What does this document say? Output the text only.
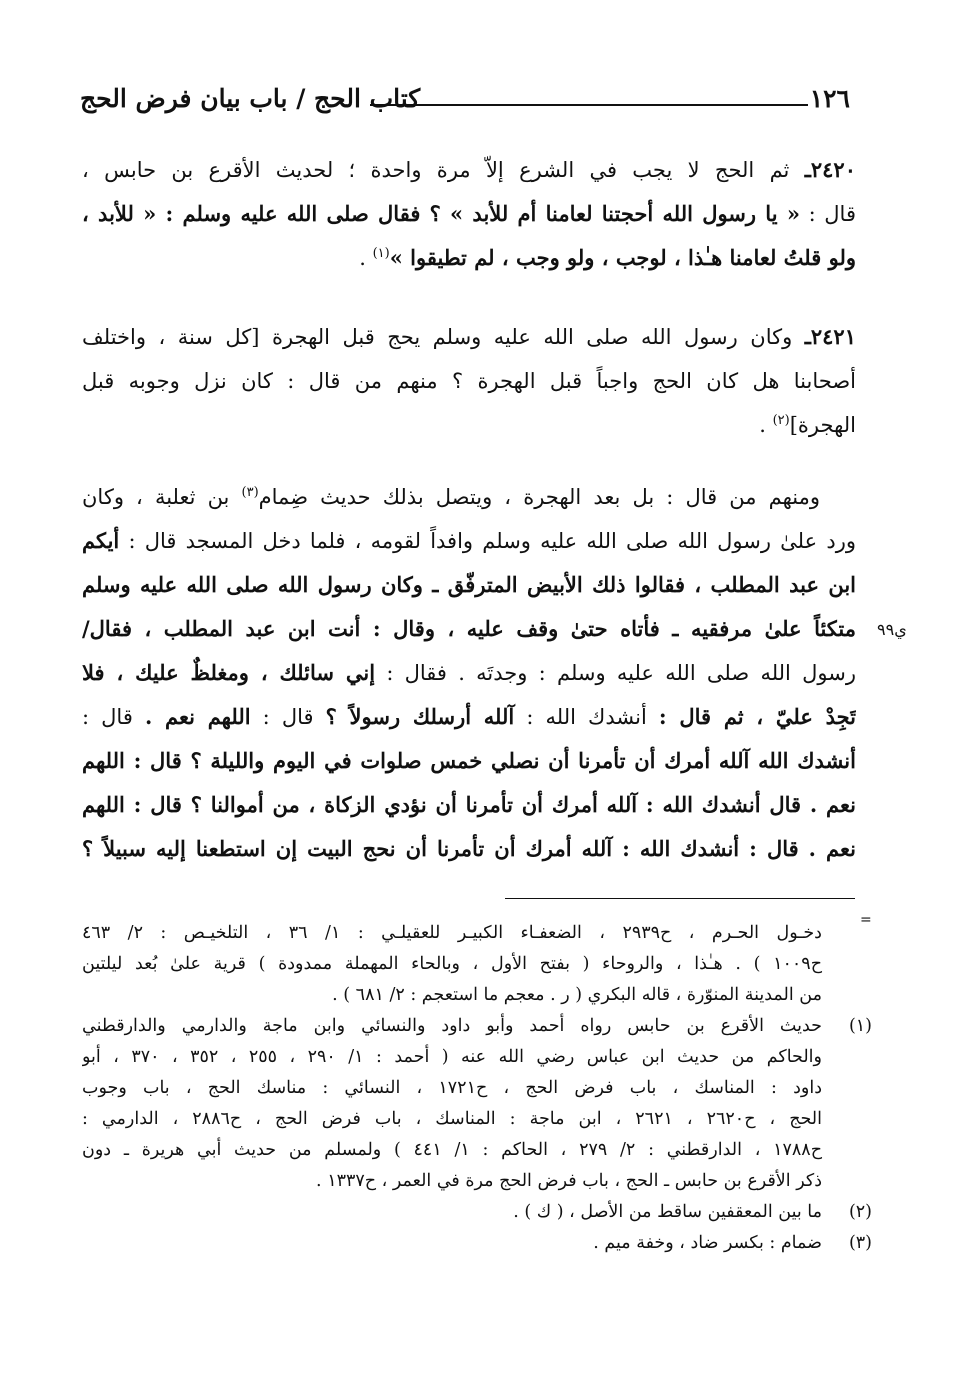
١٢٦
كتاب الحج / باب بيان فرض الحج
٢٤٢٠ـ ثم الحج لا يجب في الشرع إلاّ مرة واحدة ؛ لحديث الأقرع بن حابس ،
قال : « يا رسول الله أحجتنا لعامنا أم للأبد » ؟ فقال صلى الله عليه وسلم : « للأبد ،
ولو قلتُ لعامنا هـٰذا ، لوجب ، ولو وجب ، لم تطيقوا »$^{(١)}$ .
٢٤٢١ـ وكان رسول الله صلى الله عليه وسلم يحج قبل الهجرة [كل سنة ، واختلف
أصحابنا هل كان الحج واجباً قبل الهجرة ؟ منهم من قال : كان نزل وجوبه قبل
الهجرة]$^{(٢)}$ .
ومنهم من قال : بل بعد الهجرة ، ويتصل بذلك حديث ضِمام$^{(٣)}$ بن ثعلبة ، وكان
ورد علىٰ رسول الله صلى الله عليه وسلم وافداً لقومه ، فلما دخل المسجد قال : أيكم
ابن عبد المطلب ، فقالوا ذلك الأبيض المترفّق ـ وكان رسول الله صلى الله عليه وسلم
متكئاً علىٰ مرفقيه ـ فأتاه حتىٰ وقف عليه ، وقال : أنت ابن عبد المطلب ، فقال/
رسول الله صلى الله عليه وسلم : وجدتَه . فقال : إني سائلك ، ومغلظٌ عليك ، فلا
تَجِدْ عليّ ، ثم قال : أنشدك الله : آلله أرسلك رسولاً ؟ قال : اللهم نعم . قال :
أنشدك الله آلله أمرك أن تأمرنا أن نصلي خمس صلوات في اليوم والليلة ؟ قال : اللهم
نعم . قال أنشدك الله : آلله أمرك أن تأمرنا أن نؤدي الزكاة ، من أموالنا ؟ قال : اللهم
نعم . قال : أنشدك الله : آلله أمرك أن تأمرنا أن نحج البيت إن استطعنا إليه سبيلاً ؟
ي٩٩
=
دخـول الحـرم ، ح٢٩٣٩ ، الضعفـاء الكبيـر للعقيلـي : ١/ ٣٦ ، التلخيـص : ٢/ ٤٦٣
ح١٠٠٩ ) . هـٰذا ، والروحاء ( بفتح الأول ، وبالحاء المهملة ممدودة ) قرية علىٰ بُعد ليلتين
من المدينة المنوّرة ، قاله البكري ( ر . معجم ما استعجم : ٢/ ٦٨١ ) .
(١)حديث الأقرع بن حابس رواه أحمد وأبو داود والنسائي وابن ماجة والدارمي والدارقطني
والحاكم من حديث ابن عباس رضي الله عنه ( أحمد : ١/ ٢٩٠ ، ٢٥٥ ، ٣٥٢ ، ٣٧٠ ، أبو
داود : المناسك ، باب فرض الحج ، ح١٧٢١ ، النسائي : مناسك الحج ، باب وجوب
الحج ، ح٢٦٢٠ ، ٢٦٢١ ، ابن ماجة : المناسك ، باب فرض الحج ، ح٢٨٨٦ ، الدارمي :
ح١٧٨٨ ، الدارقطني : ٢/ ٢٧٩ ، الحاكم : ١/ ٤٤١ ) ولمسلم من حديث أبي هريرة ـ دون
ذكر الأقرع بن حابس ـ الحج ، باب فرض الحج مرة في العمر ، ح١٣٣٧ .
(٢)ما بين المعقفين ساقط من الأصل ، ( ك ) .
(٣)ضمام : بكسر ضاد ، وخفة ميم .
